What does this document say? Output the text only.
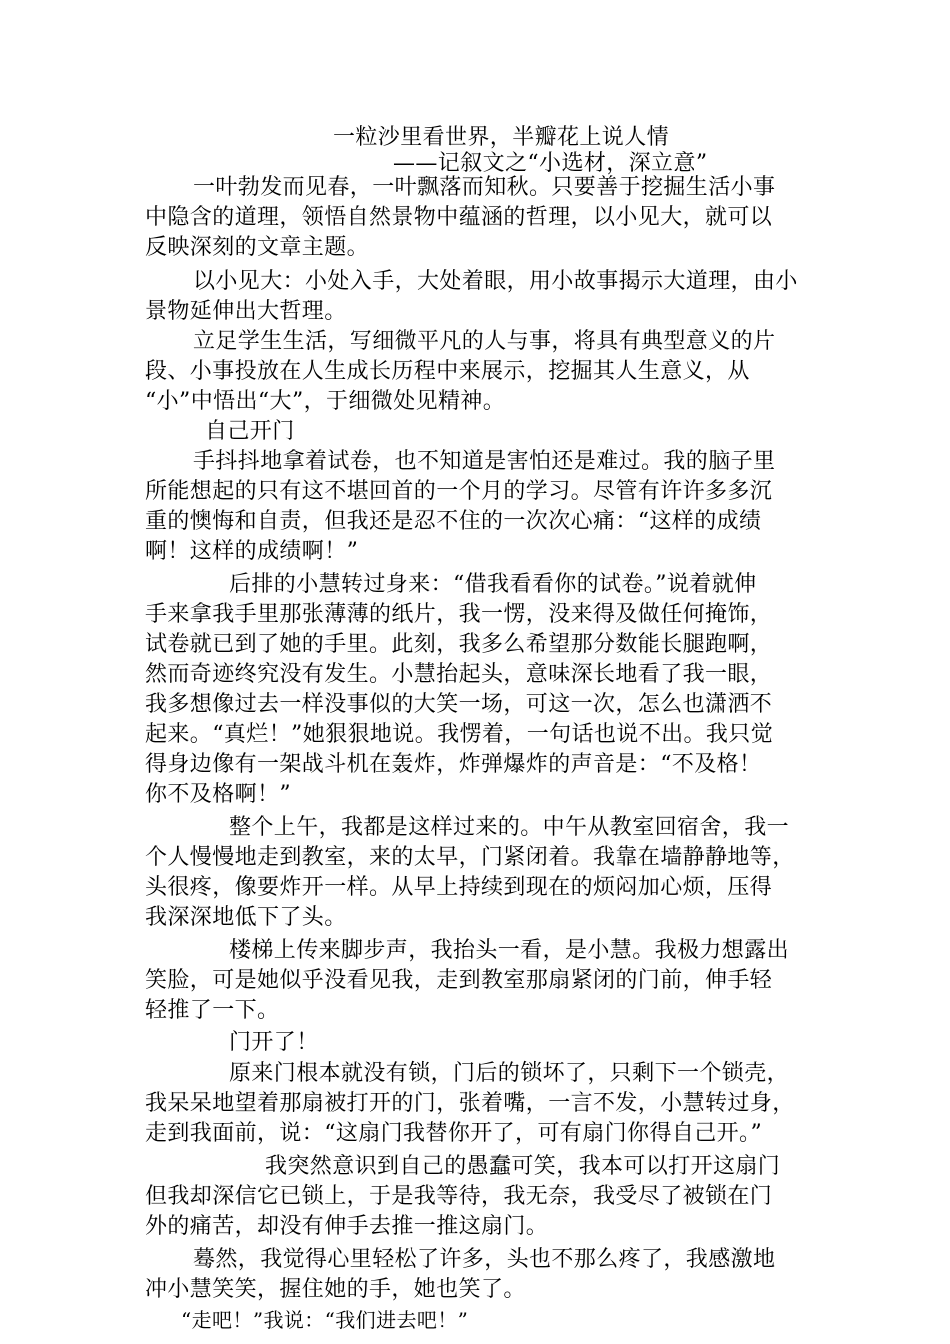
一粒沙里看世界，半瓣花上说人情
——记叙文之“小选材，深立意”
一叶勃发而见春，一叶飘落而知秋。只要善于挖掘生活小事
中隐含的道理，领悟自然景物中蕴涵的哲理，以小见大，就可以
反映深刻的文章主题。
以小见大：小处入手，大处着眼，用小故事揭示大道理，由小
景物延伸出大哲理。
立足学生生活，写细微平凡的人与事，将具有典型意义的片
段、小事投放在人生成长历程中来展示，挖掘其人生意义，从
“小”中悟出“大”，于细微处见精神。
自己开门
手抖抖地拿着试卷，也不知道是害怕还是难过。我的脑子里
所能想起的只有这不堪回首的一个月的学习。尽管有许许多多沉
重的懊悔和自责，但我还是忍不住的一次次心痛：“这样的成绩
啊！这样的成绩啊！”
后排的小慧转过身来：“借我看看你的试卷。”说着就伸
手来拿我手里那张薄薄的纸片，我一愣，没来得及做任何掩饰，
试卷就已到了她的手里。此刻，我多么希望那分数能长腿跑啊，
然而奇迹终究没有发生。小慧抬起头，意味深长地看了我一眼，
我多想像过去一样没事似的大笑一场，可这一次，怎么也潇洒不
起来。“真烂！”她狠狠地说。我愣着，一句话也说不出。我只觉
得身边像有一架战斗机在轰炸，炸弹爆炸的声音是：“不及格！
你不及格啊！”
整个上午，我都是这样过来的。中午从教室回宿舍，我一
个人慢慢地走到教室，来的太早，门紧闭着。我靠在墙静静地等，
头很疼，像要炸开一样。从早上持续到现在的烦闷加心烦，压得
我深深地低下了头。
楼梯上传来脚步声，我抬头一看，是小慧。我极力想露出
笑脸，可是她似乎没看见我，走到教室那扇紧闭的门前，伸手轻
轻推了一下。
门开了！
原来门根本就没有锁，门后的锁坏了，只剩下一个锁壳，
我呆呆地望着那扇被打开的门，张着嘴，一言不发，小慧转过身，
走到我面前，说：“这扇门我替你开了，可有扇门你得自己开。”
我突然意识到自己的愚蠢可笑，我本可以打开这扇门
但我却深信它已锁上，于是我等待，我无奈，我受尽了被锁在门
外的痛苦，却没有伸手去推一推这扇门。
蓦然，我觉得心里轻松了许多，头也不那么疼了，我感激地
冲小慧笑笑，握住她的手，她也笑了。
“走吧！”我说：“我们进去吧！”
